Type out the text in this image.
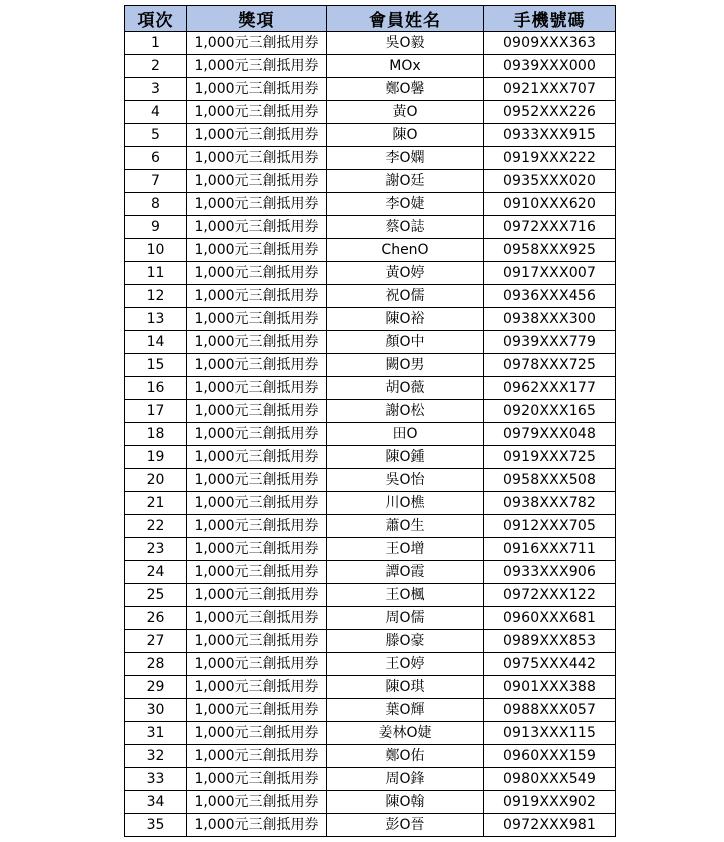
項次	獎項	會員姓名	手機號碼
1	1,000元三創抵用券	吳O毅	0909XXX363
2	1,000元三創抵用券	MOx	0939XXX000
3	1,000元三創抵用券	鄭O馨	0921XXX707
4	1,000元三創抵用券	黃O	0952XXX226
5	1,000元三創抵用券	陳O	0933XXX915
6	1,000元三創抵用券	李O嫻	0919XXX222
7	1,000元三創抵用券	謝O廷	0935XXX020
8	1,000元三創抵用券	李O婕	0910XXX620
9	1,000元三創抵用券	蔡O誌	0972XXX716
10	1,000元三創抵用券	ChenO	0958XXX925
11	1,000元三創抵用券	黃O婷	0917XXX007
12	1,000元三創抵用券	祝O儒	0936XXX456
13	1,000元三創抵用券	陳O裕	0938XXX300
14	1,000元三創抵用券	顏O中	0939XXX779
15	1,000元三創抵用券	闕O男	0978XXX725
16	1,000元三創抵用券	胡O薇	0962XXX177
17	1,000元三創抵用券	謝O松	0920XXX165
18	1,000元三創抵用券	田O	0979XXX048
19	1,000元三創抵用券	陳O鍾	0919XXX725
20	1,000元三創抵用券	吳O怡	0958XXX508
21	1,000元三創抵用券	川O樵	0938XXX782
22	1,000元三創抵用券	蕭O生	0912XXX705
23	1,000元三創抵用券	王O增	0916XXX711
24	1,000元三創抵用券	譚O霞	0933XXX906
25	1,000元三創抵用券	王O楓	0972XXX122
26	1,000元三創抵用券	周O儒	0960XXX681
27	1,000元三創抵用券	滕O豪	0989XXX853
28	1,000元三創抵用券	王O婷	0975XXX442
29	1,000元三創抵用券	陳O琪	0901XXX388
30	1,000元三創抵用券	葉O輝	0988XXX057
31	1,000元三創抵用券	姜林O婕	0913XXX115
32	1,000元三創抵用券	鄭O佑	0960XXX159
33	1,000元三創抵用券	周O鋒	0980XXX549
34	1,000元三創抵用券	陳O翰	0919XXX902
35	1,000元三創抵用券	彭O晉	0972XXX981
